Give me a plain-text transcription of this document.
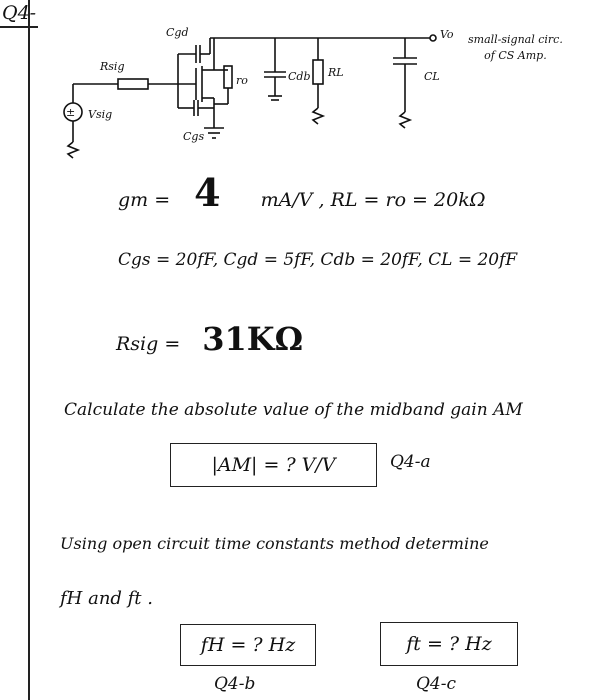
Q4-
±
Cgd
Cgs
Rsig
Vsig
ro	Cdb RL	CL
Vo small-signal circ.
of CS Amp.
gm = 4 mA/V , RL = ro = 20kΩ
Cgs = 20fF, Cgd = 5fF, Cdb = 20fF, CL = 20fF
Rsig = 31KΩ
Calculate the absolute value of the midband gain AM
|AM| = ? V/V	Q4-a
Using open circuit time constants method determine
fH and ft .
fH = ? Hz	ft = ? Hz
Q4-b	Q4-c
